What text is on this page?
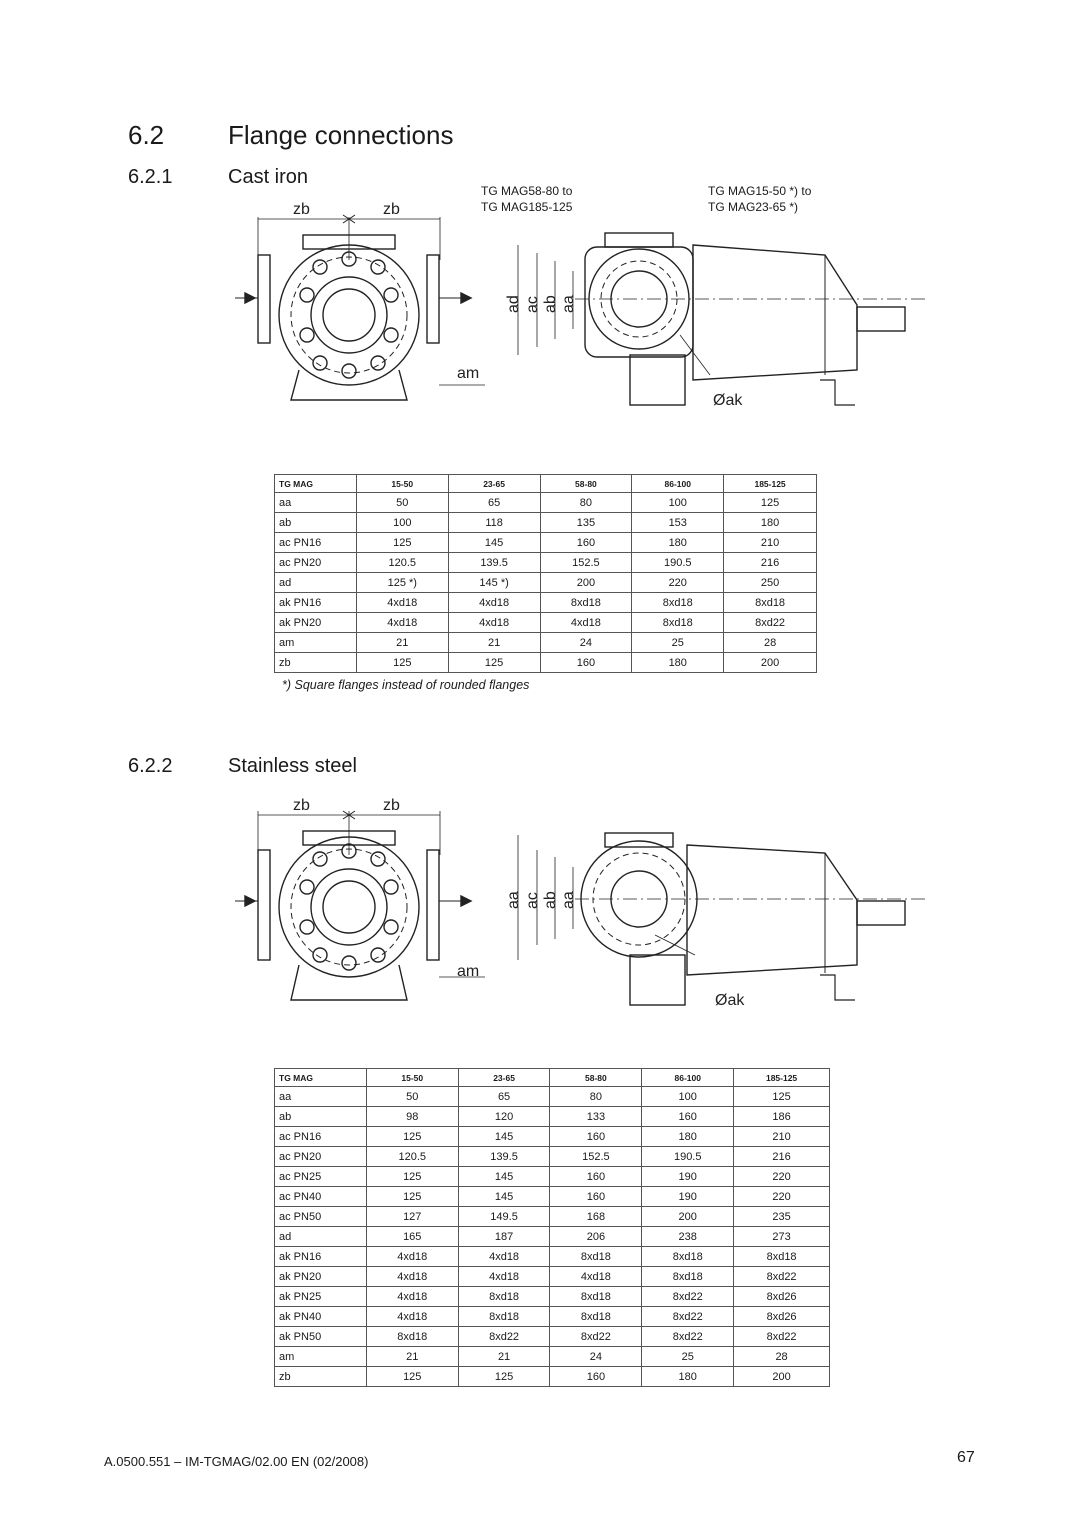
6.2 Flange connections
6.2.1	Cast iron
TG MAG58-80 to
TG MAG185-125
TG MAG15-50 *) to
TG MAG23-65 *)
zb	zb
am
ad ac ab aa
Øak
TG MAG	15-50	23-65	58-80	86-100	185-125
aa	50	65	80	100	125
ab	100	118	135	153	180
ac PN16	125	145	160	180	210
ac PN20	120.5	139.5	152.5	190.5	216
ad	125 *)	145 *)	200	220	250
ak PN16	4xd18	4xd18	8xd18	8xd18	8xd18
ak PN20	4xd18	4xd18	4xd18	8xd18	8xd22
am	21	21	24	25	28
zb	125	125	160	180	200
*) Square flanges instead of rounded flanges
6.2.2	Stainless steel
zb	zb
am
aa ac ab aa
Øak
TG MAG	15-50	23-65	58-80	86-100	185-125
aa	50	65	80	100	125
ab	98	120	133	160	186
ac PN16	125	145	160	180	210
ac PN20	120.5	139.5	152.5	190.5	216
ac PN25	125	145	160	190	220
ac PN40	125	145	160	190	220
ac PN50	127	149.5	168	200	235
ad	165	187	206	238	273
ak PN16	4xd18	4xd18	8xd18	8xd18	8xd18
ak PN20	4xd18	4xd18	4xd18	8xd18	8xd22
ak PN25	4xd18	8xd18	8xd18	8xd22	8xd26
ak PN40	4xd18	8xd18	8xd18	8xd22	8xd26
ak PN50	8xd18	8xd22	8xd22	8xd22	8xd22
am	21	21	24	25	28
zb	125	125	160	180	200
A.0500.551 – IM-TGMAG/02.00 EN (02/2008)	67
